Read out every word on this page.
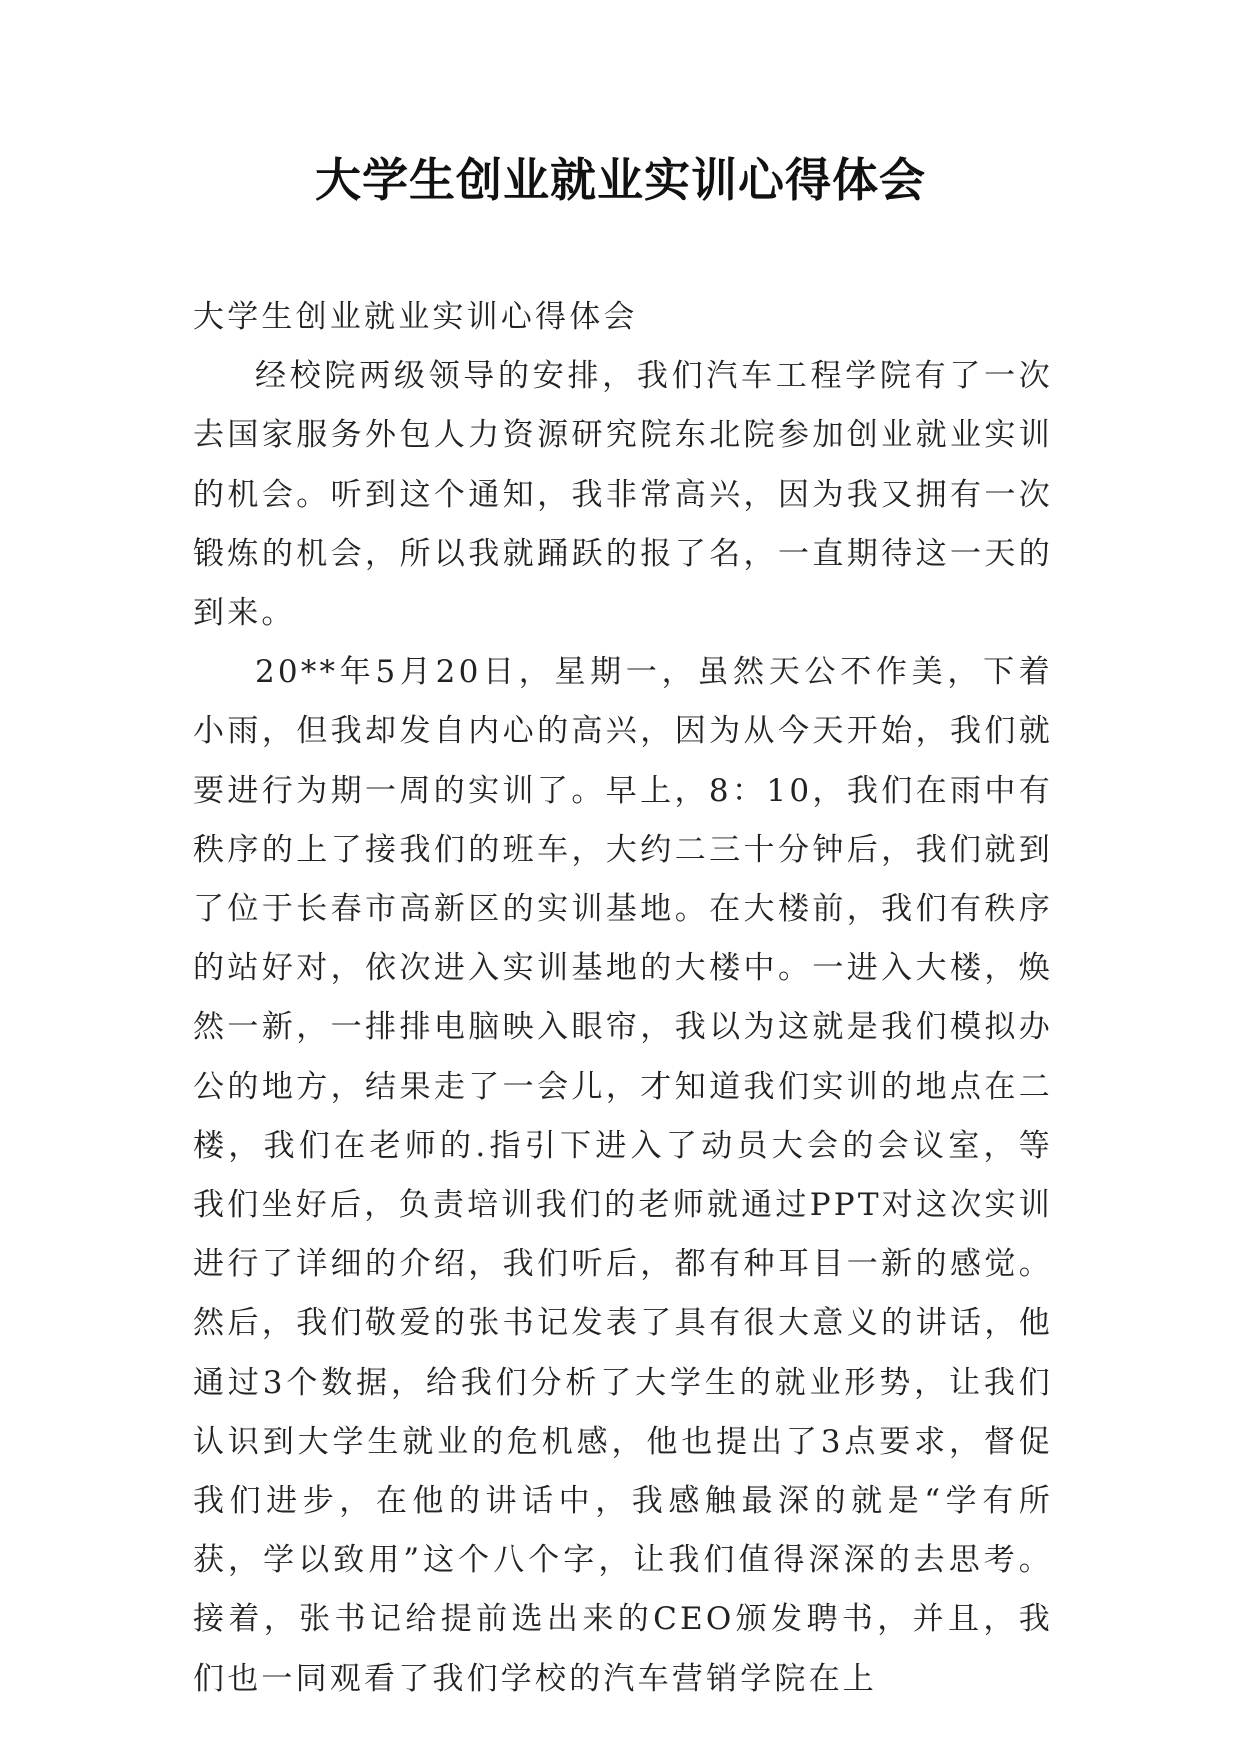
大学生创业就业实训心得体会

大学生创业就业实训心得体会

经校院两级领导的安排，我们汽车工程学院有了一次去国家服务外包人力资源研究院东北院参加创业就业实训的机会。听到这个通知，我非常高兴，因为我又拥有一次锻炼的机会，所以我就踊跃的报了名，一直期待这一天的到来。

20**年5月20日，星期一，虽然天公不作美，下着小雨，但我却发自内心的高兴，因为从今天开始，我们就要进行为期一周的实训了。早上，8：10，我们在雨中有秩序的上了接我们的班车，大约二三十分钟后，我们就到了位于长春市高新区的实训基地。在大楼前，我们有秩序的站好对，依次进入实训基地的大楼中。一进入大楼，焕然一新，一排排电脑映入眼帘，我以为这就是我们模拟办公的地方，结果走了一会儿，才知道我们实训的地点在二楼，我们在老师的.指引下进入了动员大会的会议室，等我们坐好后，负责培训我们的老师就通过PPT对这次实训进行了详细的介绍，我们听后，都有种耳目一新的感觉。然后，我们敬爱的张书记发表了具有很大意义的讲话，他通过3个数据，给我们分析了大学生的就业形势，让我们认识到大学生就业的危机感，他也提出了3点要求，督促我们进步，在他的讲话中，我感触最深的就是“学有所获，学以致用”这个八个字，让我们值得深深的去思考。接着，张书记给提前选出来的CEO颁发聘书，并且，我们也一同观看了我们学校的汽车营销学院在上
